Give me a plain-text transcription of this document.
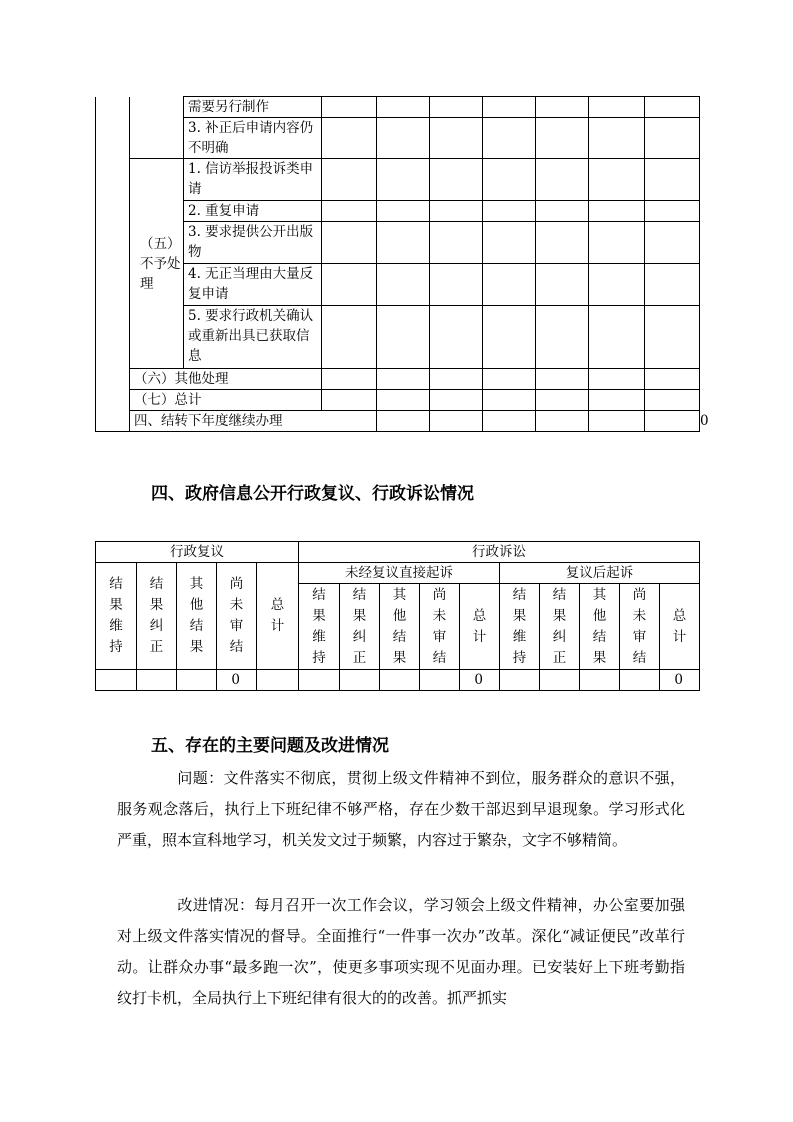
		需要另行制作								
		3. 补正后申请内容仍不明确								

	（五）不予处理	1. 信访举报投诉类申请								
		2. 重复申请								
		3. 要求提供公开出版物								
		4. 无正当理由大量反复申请								
		5. 要求行政机关确认或重新出具已获取信息								
	（六）其他处理									
	（七）总计									
	四、结转下年度继续办理									0
四、政府信息公开行政复议、行政诉讼情况
行政复议					行政诉讼									

结果维持	结果纠正	其他结果	尚未审结	总计	未经复议直接起诉					复议后起诉				

					结果维持	结果纠正	其他结果	尚未审结	总计	结果维持	结果纠正	其他结果	尚未审结	总计

			0						0					0
五、存在的主要问题及改进情况

问题：文件落实不彻底，贯彻上级文件精神不到位，服务群众的意识不强，服务观念落后，执行上下班纪律不够严格，存在少数干部迟到早退现象。学习形式化严重，照本宣科地学习，机关发文过于频繁，内容过于繁杂，文字不够精简。

改进情况：每月召开一次工作会议，学习领会上级文件精神，办公室要加强对上级文件落实情况的督导。全面推行“一件事一次办”改革。深化“减证便民”改革行动。让群众办事“最多跑一次”，使更多事项实现不见面办理。已安装好上下班考勤指纹打卡机，全局执行上下班纪律有很大的的改善。抓严抓实
